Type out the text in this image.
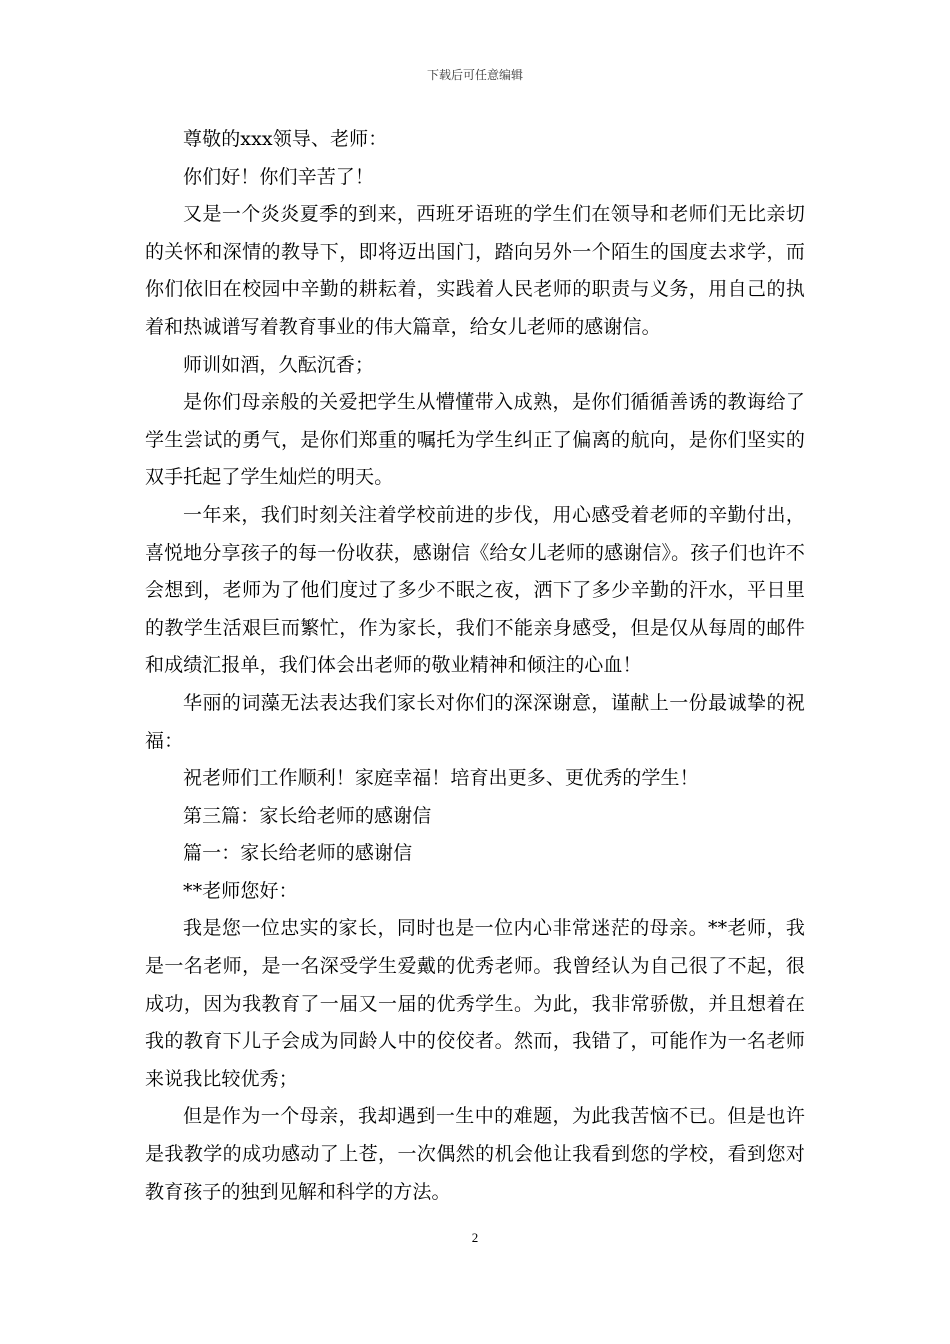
下载后可任意编辑

尊敬的xxx领导、老师：

你们好！你们辛苦了！

又是一个炎炎夏季的到来，西班牙语班的学生们在领导和老师们无比亲切的关怀和深情的教导下，即将迈出国门，踏向另外一个陌生的国度去求学，而你们依旧在校园中辛勤的耕耘着，实践着人民老师的职责与义务，用自己的执着和热诚谱写着教育事业的伟大篇章，给女儿老师的感谢信。

师训如酒，久酝沉香；

是你们母亲般的关爱把学生从懵懂带入成熟，是你们循循善诱的教诲给了学生尝试的勇气，是你们郑重的嘱托为学生纠正了偏离的航向，是你们坚实的双手托起了学生灿烂的明天。

一年来，我们时刻关注着学校前进的步伐，用心感受着老师的辛勤付出，喜悦地分享孩子的每一份收获，感谢信《给女儿老师的感谢信》。孩子们也许不会想到，老师为了他们度过了多少不眠之夜，洒下了多少辛勤的汗水，平日里的教学生活艰巨而繁忙，作为家长，我们不能亲身感受，但是仅从每周的邮件和成绩汇报单，我们体会出老师的敬业精神和倾注的心血！

华丽的词藻无法表达我们家长对你们的深深谢意，谨献上一份最诚挚的祝福：

祝老师们工作顺利！家庭幸福！培育出更多、更优秀的学生！

第三篇：家长给老师的感谢信

篇一：家长给老师的感谢信

**老师您好：

我是您一位忠实的家长，同时也是一位内心非常迷茫的母亲。**老师，我是一名老师，是一名深受学生爱戴的优秀老师。我曾经认为自己很了不起，很成功，因为我教育了一届又一届的优秀学生。为此，我非常骄傲，并且想着在我的教育下儿子会成为同龄人中的佼佼者。然而，我错了，可能作为一名老师来说我比较优秀；

但是作为一个母亲，我却遇到一生中的难题，为此我苦恼不已。但是也许是我教学的成功感动了上苍，一次偶然的机会他让我看到您的学校，看到您对教育孩子的独到见解和科学的方法。

2
